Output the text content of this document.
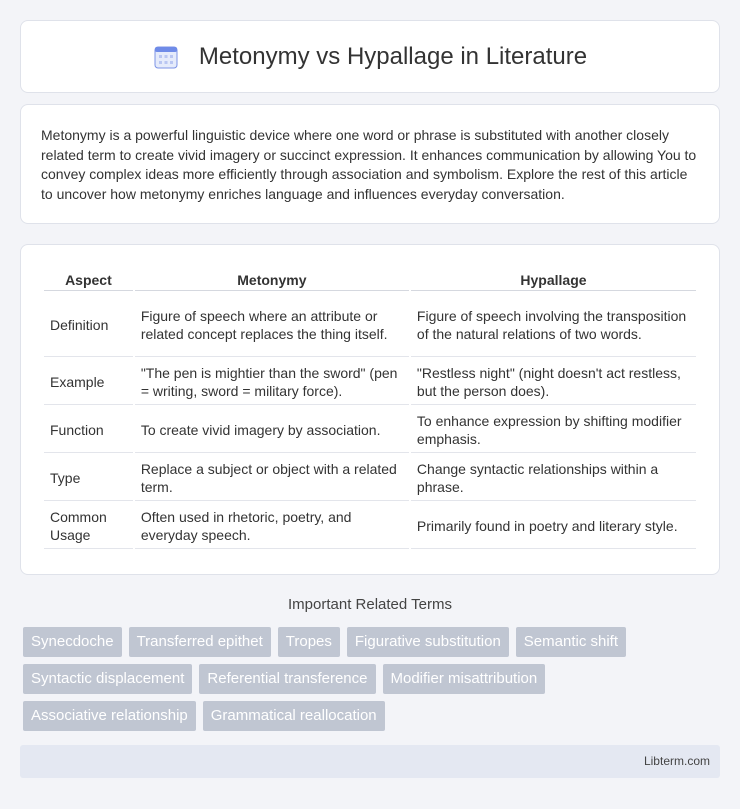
Metonymy vs Hypallage in Literature

Metonymy is a powerful linguistic device where one word or phrase is substituted with another closely related term to create vivid imagery or succinct expression. It enhances communication by allowing You to convey complex ideas more efficiently through association and symbolism. Explore the rest of this article to uncover how metonymy enriches language and influences everyday conversation.

Aspect	Metonymy	Hypallage
Definition	Figure of speech where an attribute or related concept replaces the thing itself.	Figure of speech involving the transposition of the natural relations of two words.
Example	"The pen is mightier than the sword" (pen = writing, sword = military force).	"Restless night" (night doesn't act restless, but the person does).
Function	To create vivid imagery by association.	To enhance expression by shifting modifier emphasis.
Type	Replace a subject or object with a related term.	Change syntactic relationships within a phrase.
Common Usage	Often used in rhetoric, poetry, and everyday speech.	Primarily found in poetry and literary style.
Important Related Terms
Synecdoche	Transferred epithet	Tropes	Figurative substitution	Semantic shift
Syntactic displacement	Referential transference	Modifier misattribution
Associative relationship	Grammatical reallocation
Libterm.com
